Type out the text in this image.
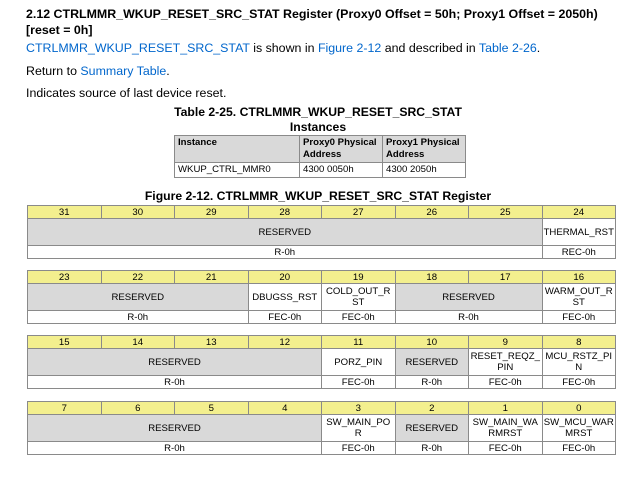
2.12 CTRLMMR_WKUP_RESET_SRC_STAT Register (Proxy0 Offset = 50h; Proxy1 Offset = 2050h) [reset = 0h]
CTRLMMR_WKUP_RESET_SRC_STAT is shown in Figure 2-12 and described in Table 2-26.
Return to Summary Table.
Indicates source of last device reset.
Table 2-25. CTRLMMR_WKUP_RESET_SRC_STAT
Instances
Instance	Proxy0 Physical Address	Proxy1 Physical Address
WKUP_CTRL_MMR0	4300 0050h	4300 2050h
Figure 2-12. CTRLMMR_WKUP_RESET_SRC_STAT Register
31	30	29	28	27	26	25	24
RESERVED							THERMAL_RST
R-0h							REC-0h
23	22	21	20	19	18	17	16
RESERVED			DBUGSS_RST	COLD_OUT_RST	RESERVED		WARM_OUT_RST
R-0h			FEC-0h	FEC-0h	R-0h		FEC-0h
15	14	13	12	11	10	9	8
RESERVED				PORZ_PIN	RESERVED	RESET_REQZ_PIN	MCU_RSTZ_PIN
R-0h				FEC-0h	R-0h	FEC-0h	FEC-0h
7	6	5	4	3	2	1	0
RESERVED				SW_MAIN_POR	RESERVED	SW_MAIN_WARMRST	SW_MCU_WARMRST
R-0h				FEC-0h	R-0h	FEC-0h	FEC-0h
